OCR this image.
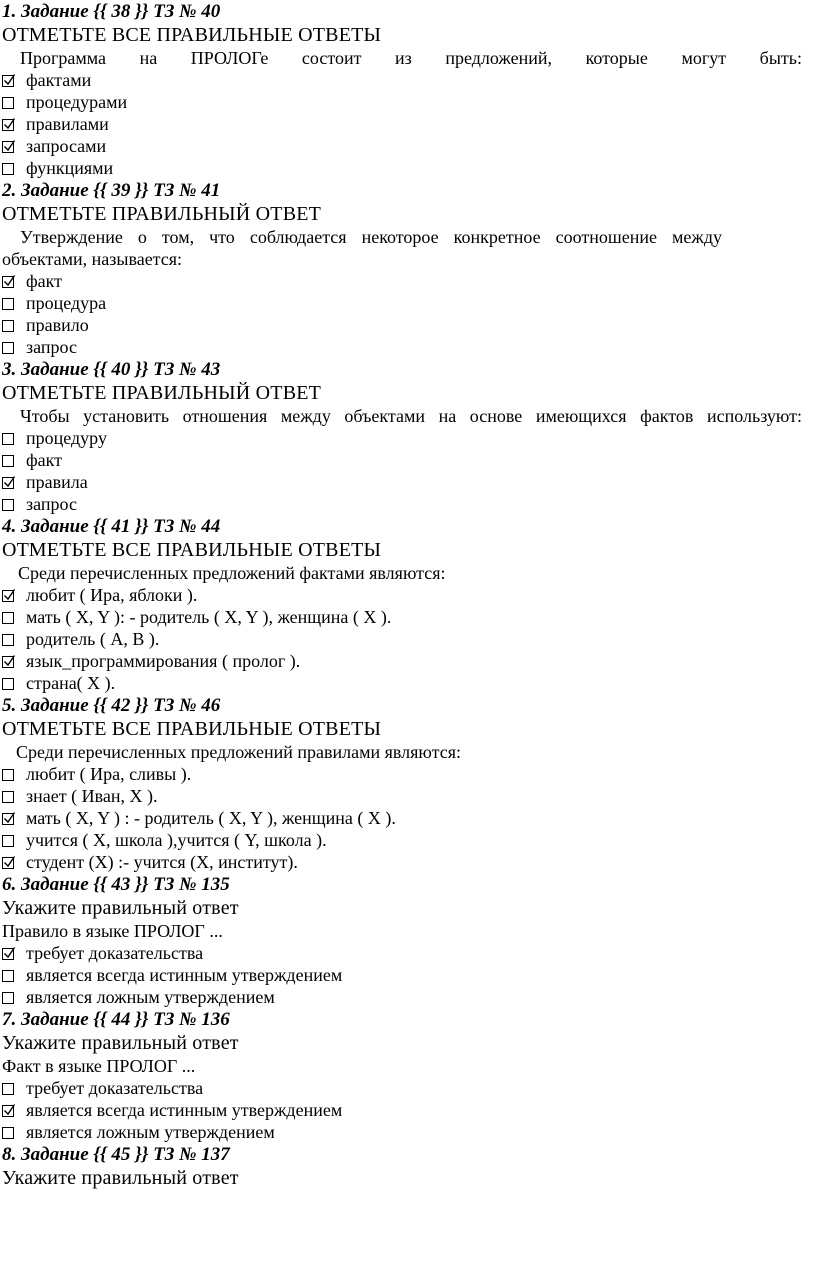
1. Задание {{ 38 }} ТЗ № 40
ОТМЕТЬТЕ ВСЕ ПРАВИЛЬНЫЕ ОТВЕТЫ
Программа на ПРОЛОГе состоит из предложений, которые могут быть:
фактами
процедурами
правилами
запросами
функциями
2. Задание {{ 39 }} ТЗ № 41
ОТМЕТЬТЕ ПРАВИЛЬНЫЙ ОТВЕТ
Утверждение о том, что соблюдается некоторое конкретное соотношение между объектами, называется:
факт
процедура
правило
запрос
3. Задание {{ 40 }} ТЗ № 43
ОТМЕТЬТЕ ПРАВИЛЬНЫЙ ОТВЕТ
Чтобы установить отношения между объектами на основе имеющихся фактов используют:
процедуру
факт
правила
запрос
4. Задание {{ 41 }} ТЗ № 44
ОТМЕТЬТЕ ВСЕ ПРАВИЛЬНЫЕ ОТВЕТЫ
Среди перечисленных предложений фактами являются:
любит ( Ира, яблоки ).
мать ( X, Y ): - родитель ( X, Y ), женщина ( X ).
родитель ( A, B ).
язык_программирования ( пролог ).
страна( X ).
5. Задание {{ 42 }} ТЗ № 46
ОТМЕТЬТЕ ВСЕ ПРАВИЛЬНЫЕ ОТВЕТЫ
Среди перечисленных предложений правилами являются:
любит ( Ира, сливы ).
знает ( Иван, X ).
мать ( X, Y ) : - родитель ( X, Y ), женщина ( X ).
учится ( X, школа ),учится ( Y, школа ).
студент (X) :- учится (X, институт).
6. Задание {{ 43 }} ТЗ № 135
Укажите правильный ответ
Правило в языке ПРОЛОГ ...
требует доказательства
является всегда истинным утверждением
является ложным утверждением
7. Задание {{ 44 }} ТЗ № 136
Укажите правильный ответ
Факт в языке ПРОЛОГ ...
требует доказательства
является всегда истинным утверждением
является ложным утверждением
8. Задание {{ 45 }} ТЗ № 137
Укажите правильный ответ
